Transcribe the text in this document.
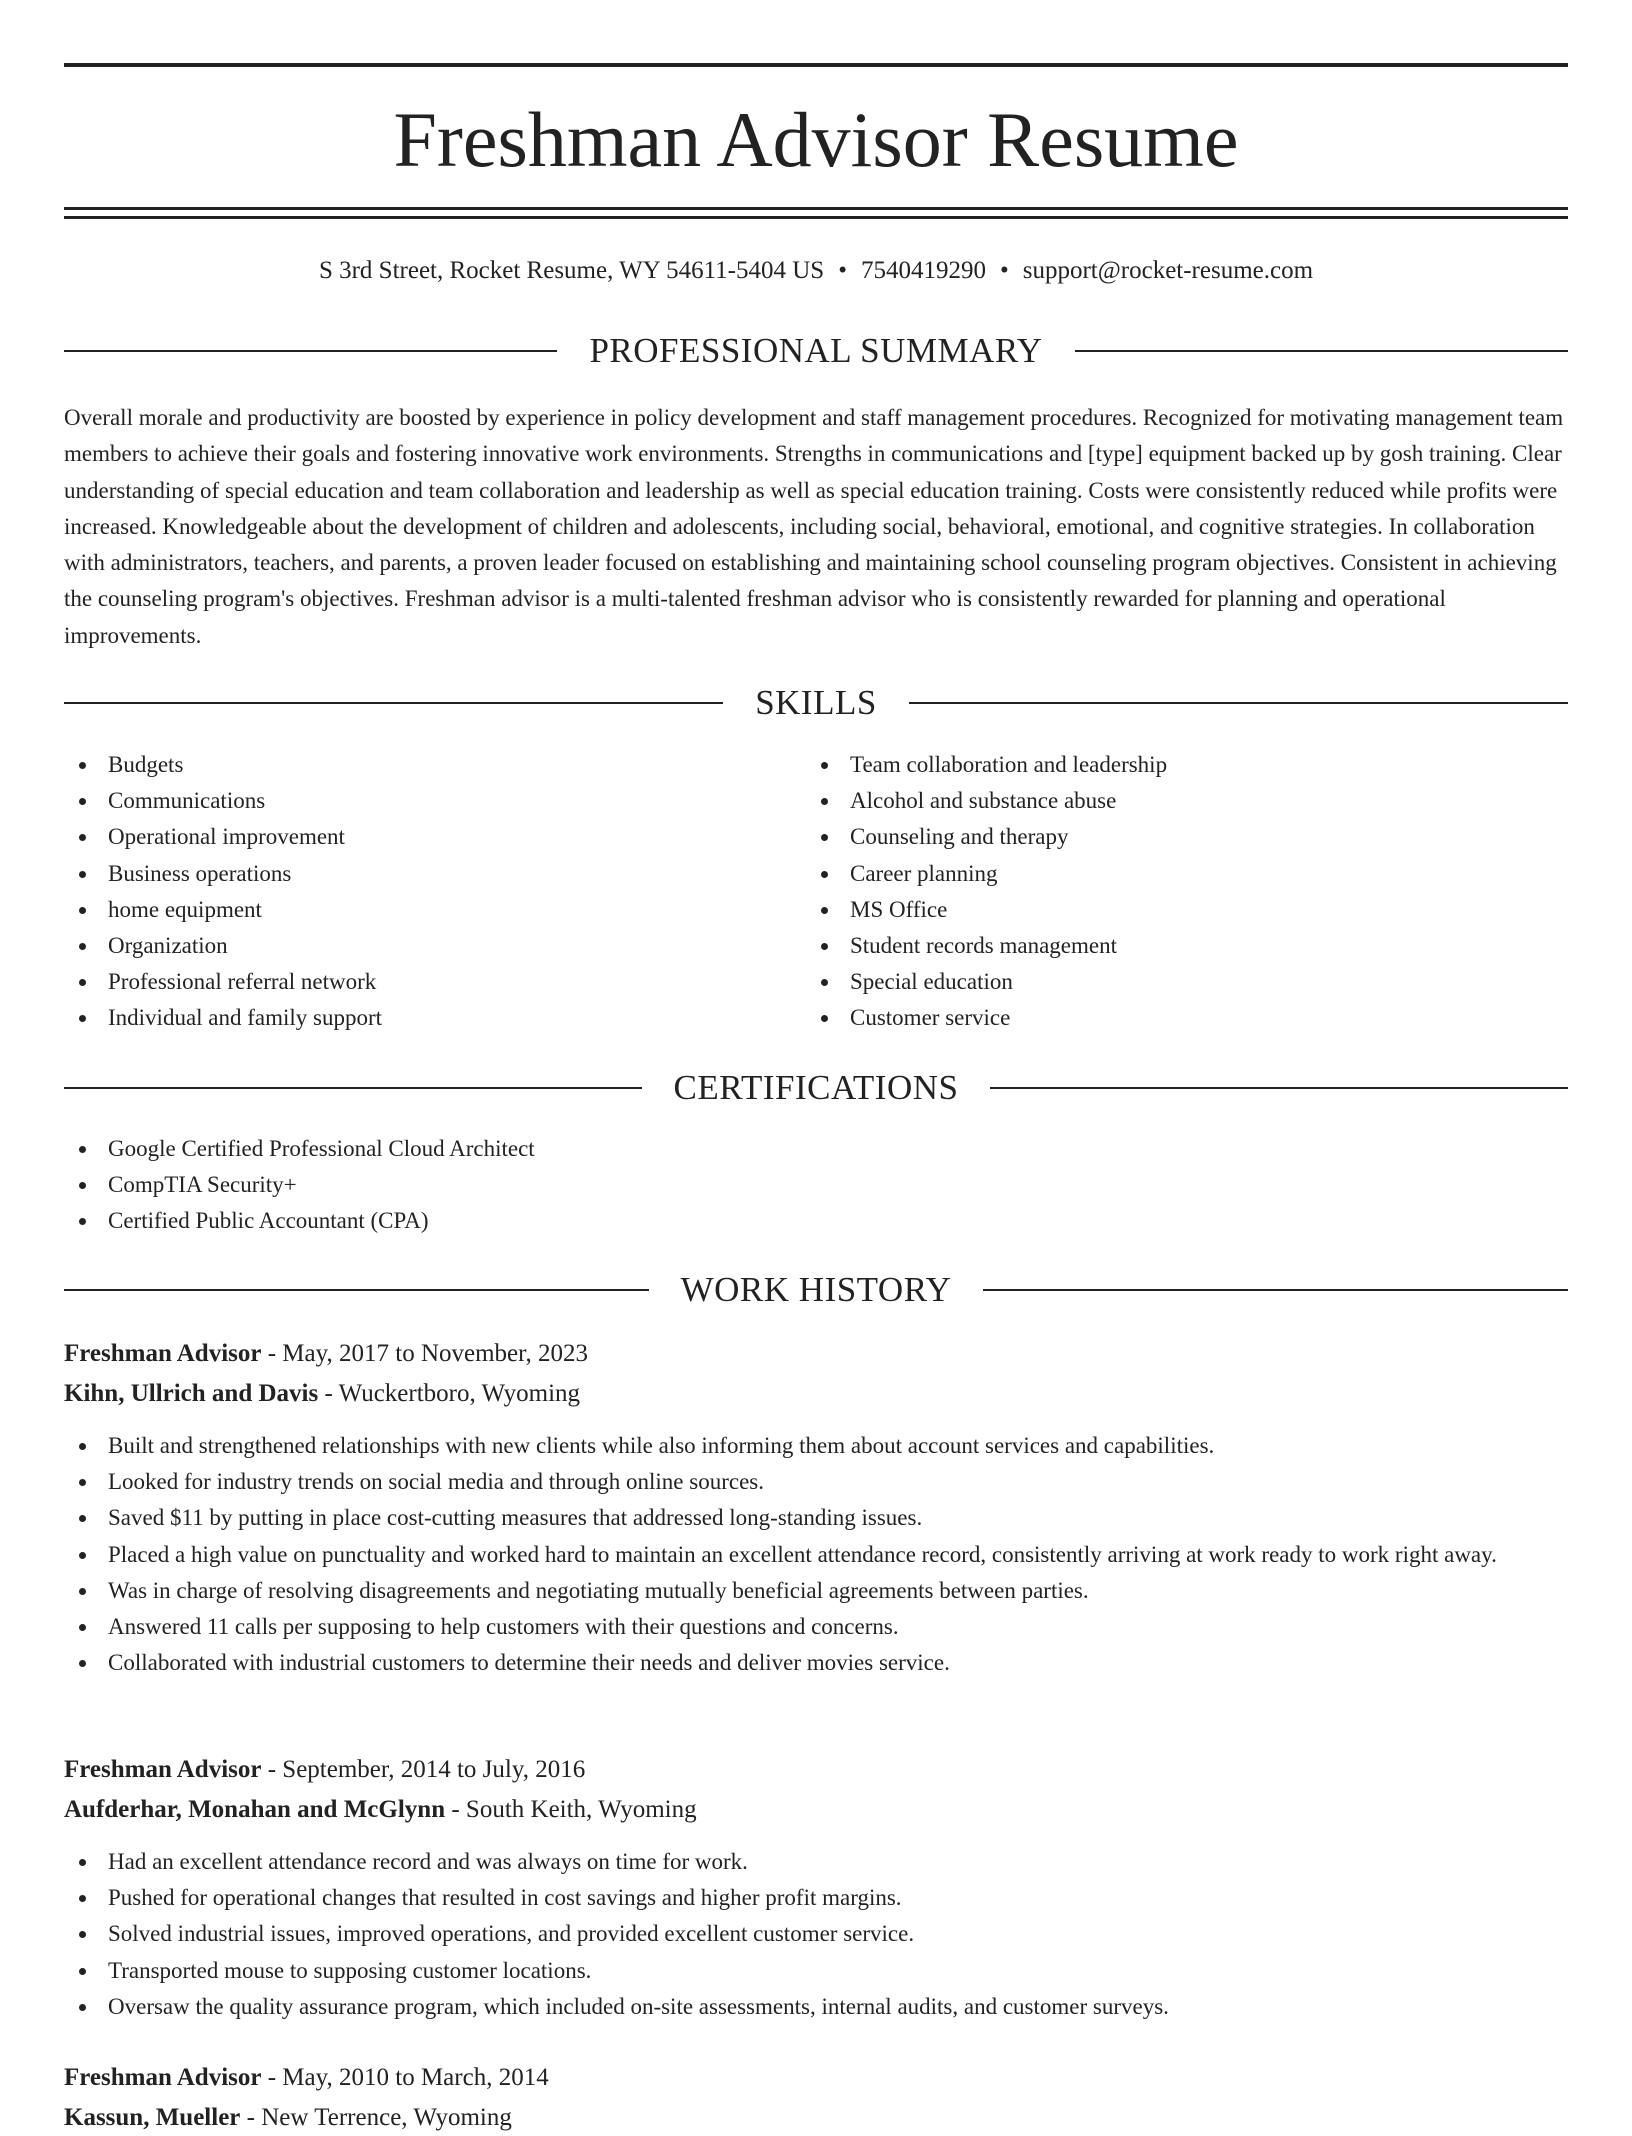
Freshman Advisor Resume
S 3rd Street, Rocket Resume, WY 54611-5404 US • 7540419290 • support@rocket-resume.com
PROFESSIONAL SUMMARY

Overall morale and productivity are boosted by experience in policy development and staff management procedures. Recognized for motivating management team members to achieve their goals and fostering innovative work environments. Strengths in communications and [type] equipment backed up by gosh training. Clear understanding of special education and team collaboration and leadership as well as special education training. Costs were consistently reduced while profits were increased. Knowledgeable about the development of children and adolescents, including social, behavioral, emotional, and cognitive strategies. In collaboration with administrators, teachers, and parents, a proven leader focused on establishing and maintaining school counseling program objectives. Consistent in achieving the counseling program's objectives. Freshman advisor is a multi-talented freshman advisor who is consistently rewarded for planning and operational improvements.

SKILLS
Budgets
Communications
Operational improvement
Business operations
home equipment
Organization
Professional referral network
Individual and family support
Team collaboration and leadership
Alcohol and substance abuse
Counseling and therapy
Career planning
MS Office
Student records management
Special education
Customer service
CERTIFICATIONS
Google Certified Professional Cloud Architect
CompTIA Security+
Certified Public Accountant (CPA)
WORK HISTORY
Freshman Advisor - May, 2017 to November, 2023
Kihn, Ullrich and Davis - Wuckertboro, Wyoming
Built and strengthened relationships with new clients while also informing them about account services and capabilities.
Looked for industry trends on social media and through online sources.
Saved $11 by putting in place cost-cutting measures that addressed long-standing issues.
Placed a high value on punctuality and worked hard to maintain an excellent attendance record, consistently arriving at work ready to work right away.
Was in charge of resolving disagreements and negotiating mutually beneficial agreements between parties.
Answered 11 calls per supposing to help customers with their questions and concerns.
Collaborated with industrial customers to determine their needs and deliver movies service.
Freshman Advisor - September, 2014 to July, 2016
Aufderhar, Monahan and McGlynn - South Keith, Wyoming
Had an excellent attendance record and was always on time for work.
Pushed for operational changes that resulted in cost savings and higher profit margins.
Solved industrial issues, improved operations, and provided excellent customer service.
Transported mouse to supposing customer locations.
Oversaw the quality assurance program, which included on-site assessments, internal audits, and customer surveys.
Freshman Advisor - May, 2010 to March, 2014
Kassun, Mueller - New Terrence, Wyoming
